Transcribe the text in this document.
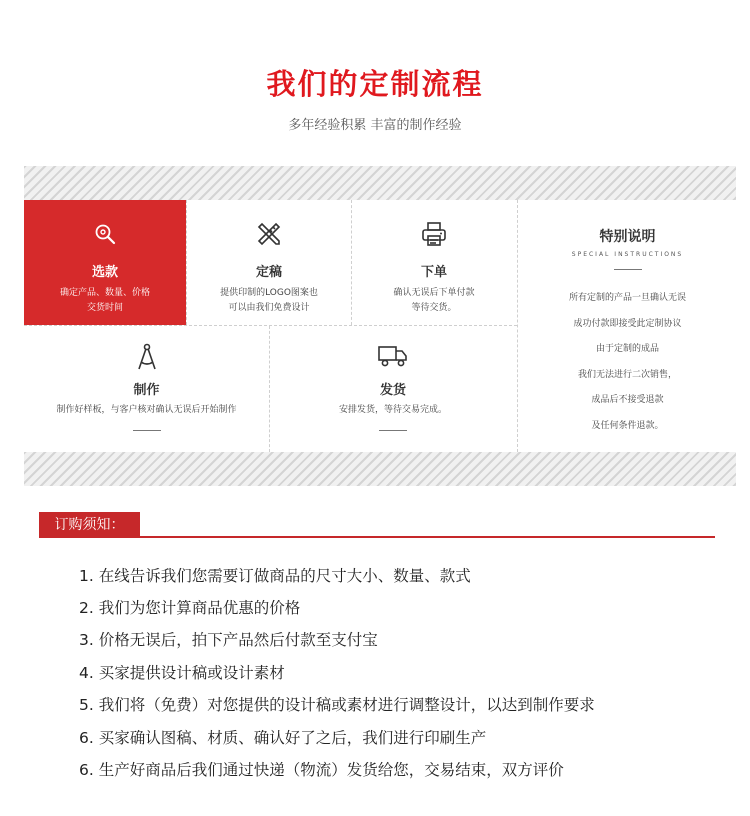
我们的定制流程
多年经验积累 丰富的制作经验
选款
确定产品、数量、价格
交货时间
定稿
提供印制的LOGO图案也
可以由我们免费设计
下单
确认无误后下单付款
等待交货。
制作
制作好样板，与客户核对确认无误后开始制作
发货
安排发货，等待交易完成。
特别说明
SPECIAL INSTRUCTIONS
所有定制的产品一旦确认无误
成功付款即接受此定制协议
由于定制的成品
我们无法进行二次销售，
成品后不接受退款
及任何条件退款。
订购须知：
1. 在线告诉我们您需要订做商品的尺寸大小、数量、款式
2. 我们为您计算商品优惠的价格
3. 价格无误后，拍下产品然后付款至支付宝
4. 买家提供设计稿或设计素材
5. 我们将（免费）对您提供的设计稿或素材进行调整设计，以达到制作要求
6. 买家确认图稿、材质、确认好了之后，我们进行印刷生产
6. 生产好商品后我们通过快递（物流）发货给您，交易结束，双方评价
